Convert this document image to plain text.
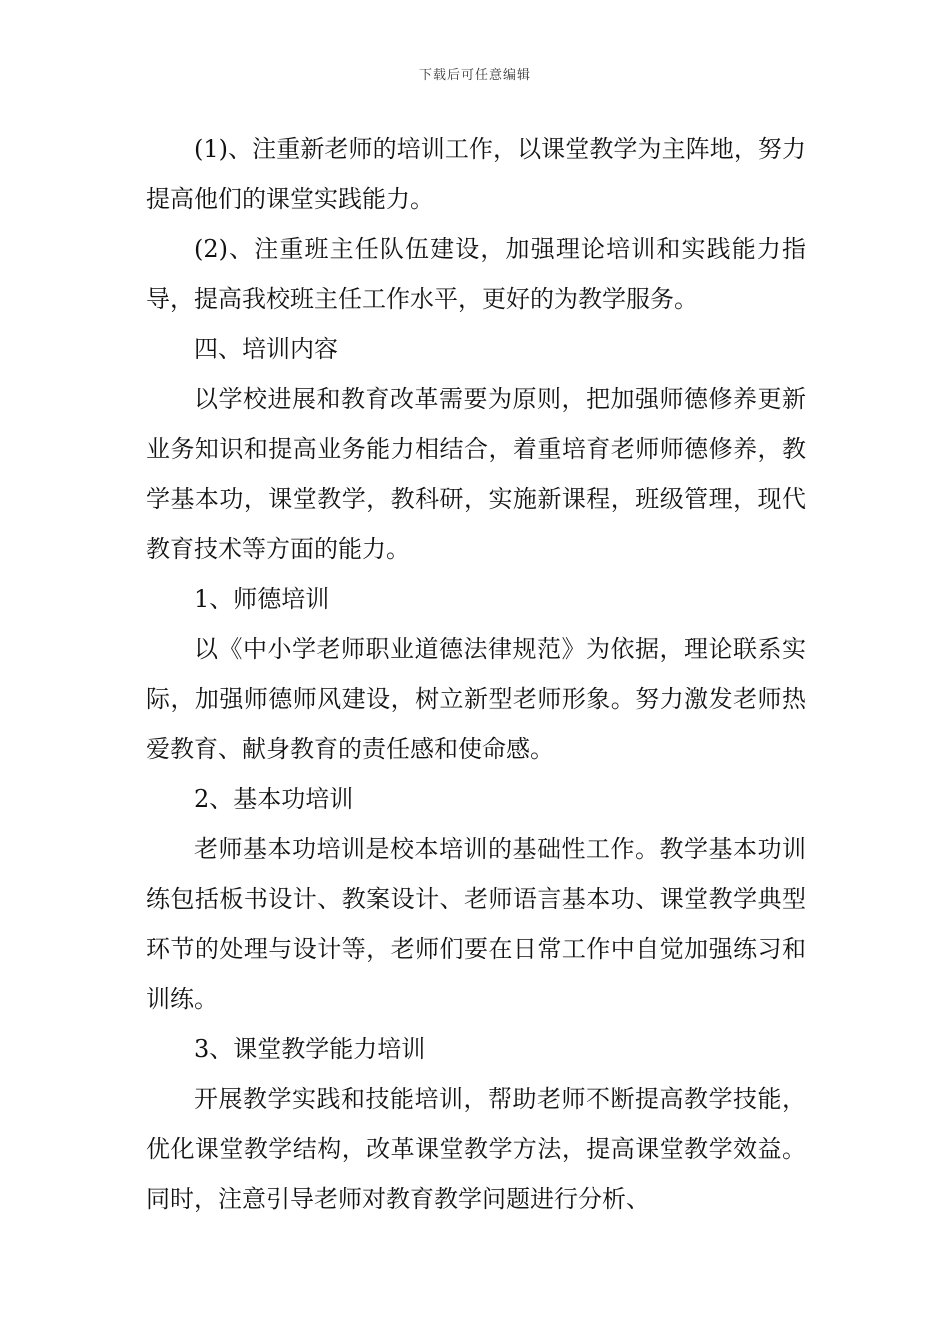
下载后可任意编辑

(1)、注重新老师的培训工作，以课堂教学为主阵地，努力提高他们的课堂实践能力。

(2)、注重班主任队伍建设，加强理论培训和实践能力指导，提高我校班主任工作水平，更好的为教学服务。

四、培训内容

以学校进展和教育改革需要为原则，把加强师德修养更新业务知识和提高业务能力相结合，着重培育老师师德修养，教学基本功，课堂教学，教科研，实施新课程，班级管理，现代教育技术等方面的能力。

1、师德培训

以《中小学老师职业道德法律规范》为依据，理论联系实际，加强师德师风建设，树立新型老师形象。努力激发老师热爱教育、献身教育的责任感和使命感。

2、基本功培训

老师基本功培训是校本培训的基础性工作。教学基本功训练包括板书设计、教案设计、老师语言基本功、课堂教学典型环节的处理与设计等，老师们要在日常工作中自觉加强练习和训练。

3、课堂教学能力培训

开展教学实践和技能培训，帮助老师不断提高教学技能，优化课堂教学结构，改革课堂教学方法，提高课堂教学效益。同时，注意引导老师对教育教学问题进行分析、
